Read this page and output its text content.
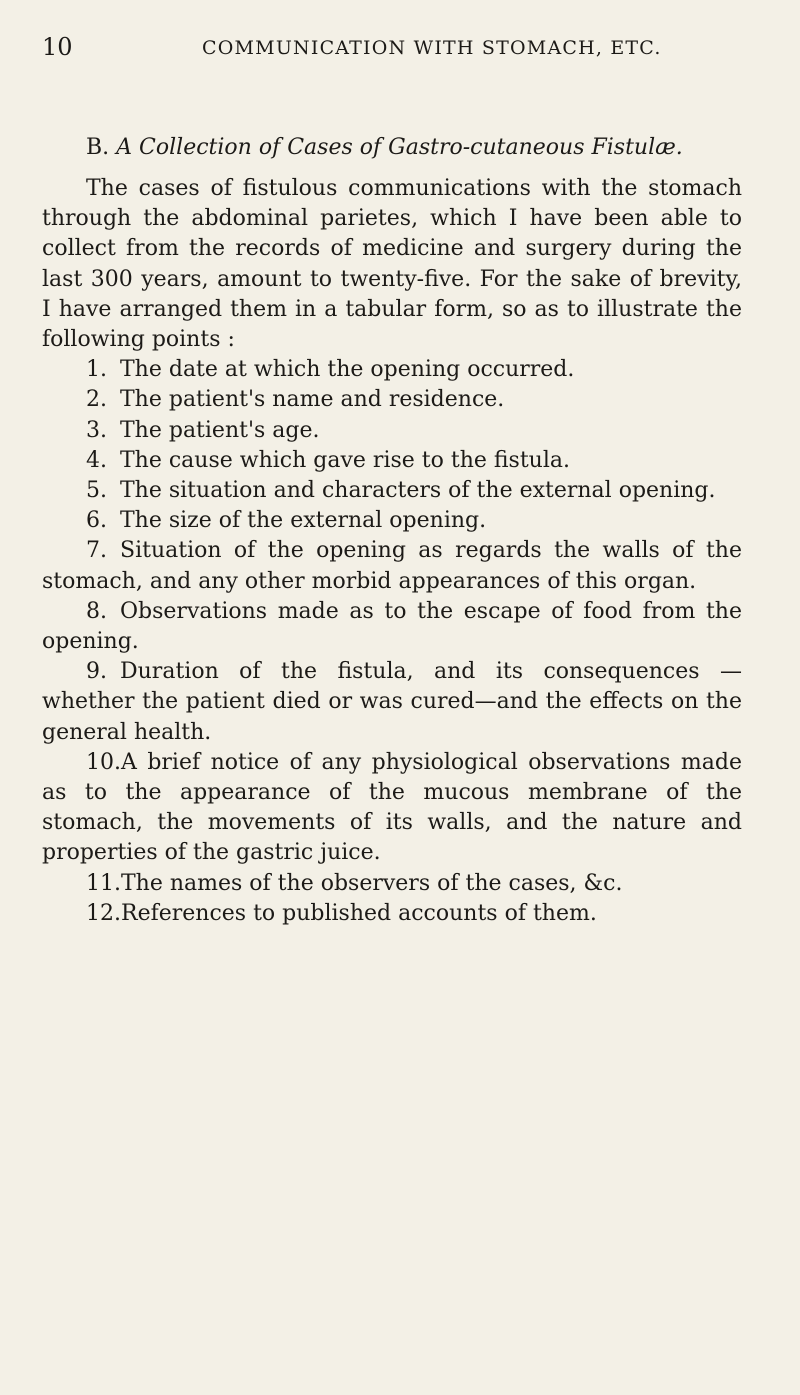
10	COMMUNICATION WITH STOMACH, ETC.
B. A Collection of Cases of Gastro-cutaneous Fistulæ.

The cases of fistulous communications with the stomach through the abdominal parietes, which I have been able to collect from the records of medicine and surgery during the last 300 years, amount to twenty-five. For the sake of brevity, I have arranged them in a tabular form, so as to illustrate the following points :

1. The date at which the opening occurred.
2. The patient's name and residence.
3. The patient's age.
4. The cause which gave rise to the fistula.
5. The situation and characters of the external opening.
6. The size of the external opening.
7. Situation of the opening as regards the walls of the stomach, and any other morbid appearances of this organ.
8. Observations made as to the escape of food from the opening.
9. Duration of the fistula, and its consequences — whether the patient died or was cured—and the effects on the general health.
10.A brief notice of any physiological observations made as to the appearance of the mucous membrane of the stomach, the movements of its walls, and the nature and properties of the gastric juice.
11.The names of the observers of the cases, &c.
12.References to published accounts of them.
